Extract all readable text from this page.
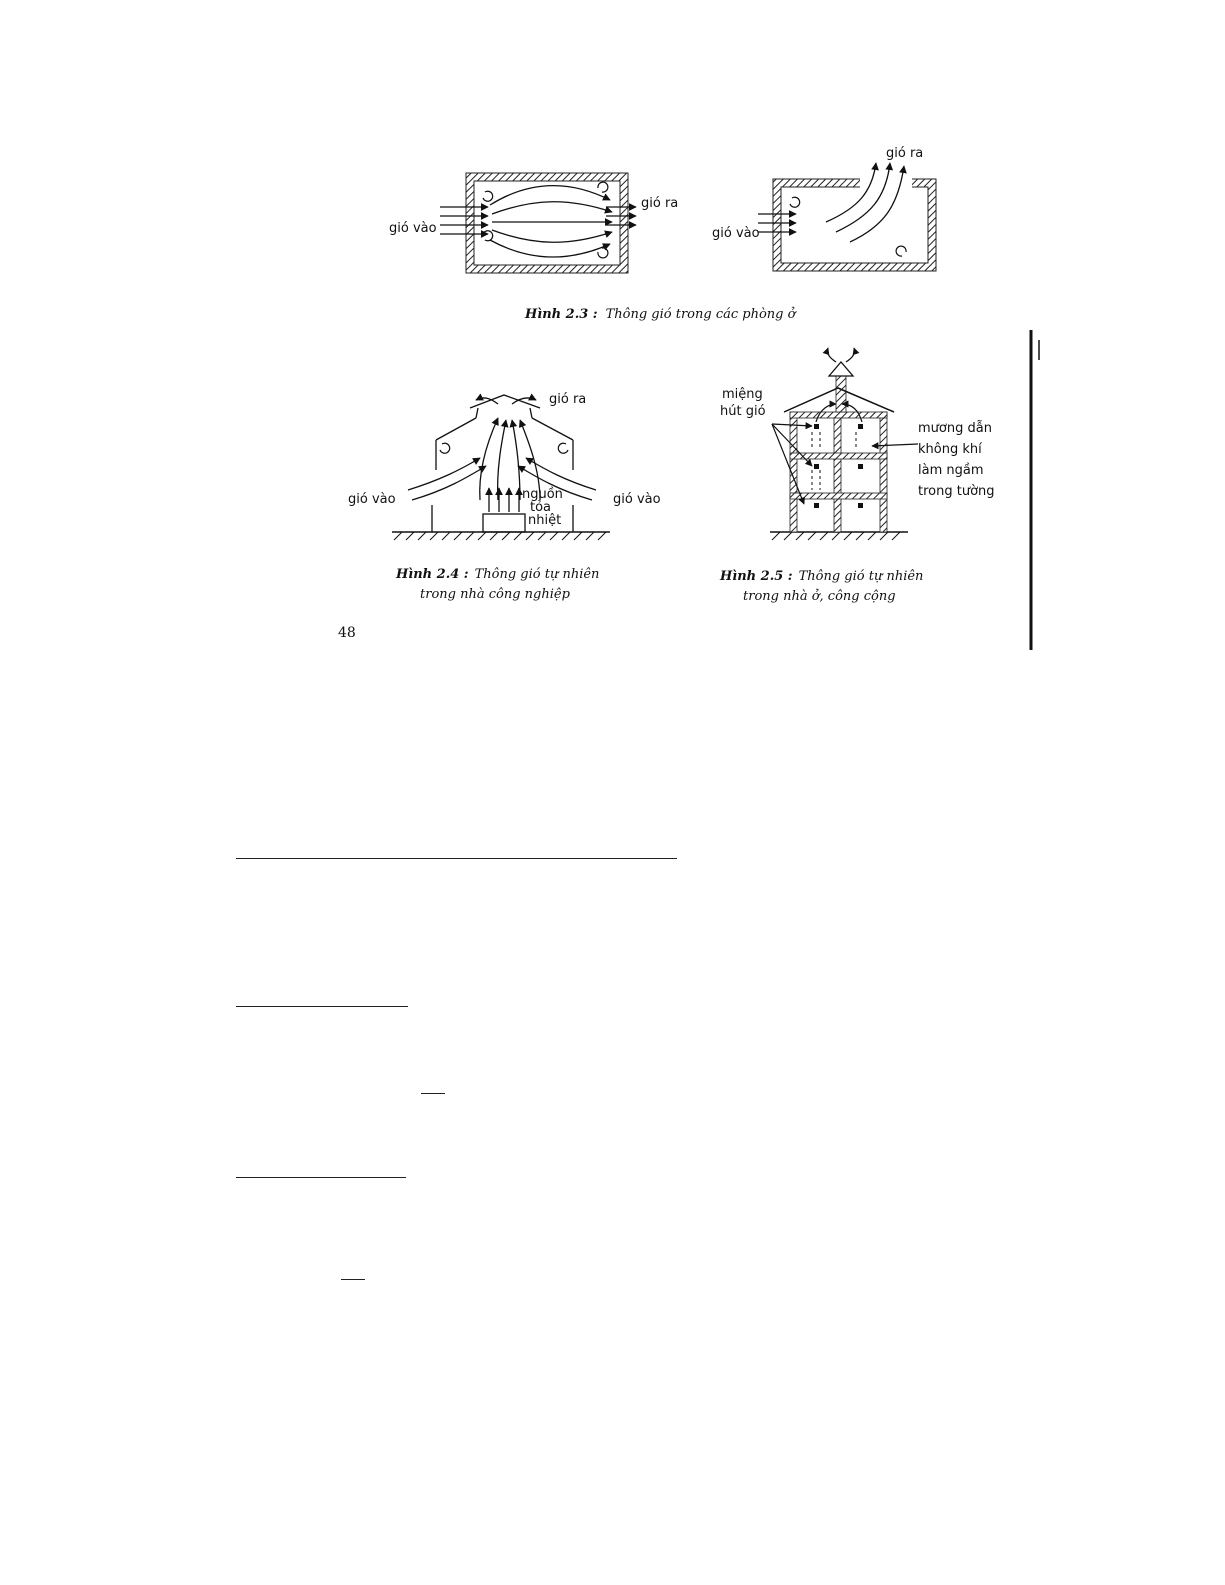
gió vào
gió ra
gió vào
gió ra
Hình 2.3 : Thông gió trong các phòng ở
gió ra
gió vào	gió vào
nguồn
tỏa
nhiệt
Hình 2.4 : Thông gió tự nhiên
trong nhà công nghiệp
miệng
hút gió
mương dẫn
không khí
làm ngầm
trong tường
Hình 2.5 : Thông gió tự nhiên
trong nhà ở, công cộng
48
